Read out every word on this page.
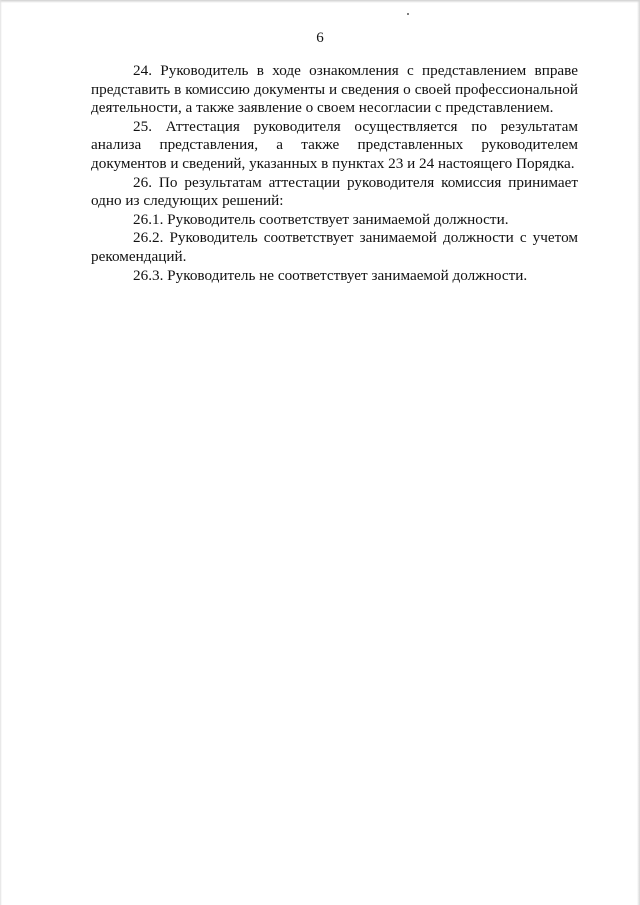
6

24. Руководитель в ходе ознакомления с представлением вправе представить в комиссию документы и сведения о своей профессиональной деятельности, а также заявление о своем несогласии с представлением.

25. Аттестация руководителя осуществляется по результатам анализа представления, а также представленных руководителем документов и сведений, указанных в пунктах 23 и 24 настоящего Порядка.

26. По результатам аттестации руководителя комиссия принимает одно из следующих решений:

26.1. Руководитель соответствует занимаемой должности.

26.2. Руководитель соответствует занимаемой должности с учетом рекомендаций.

26.3. Руководитель не соответствует занимаемой должности.
